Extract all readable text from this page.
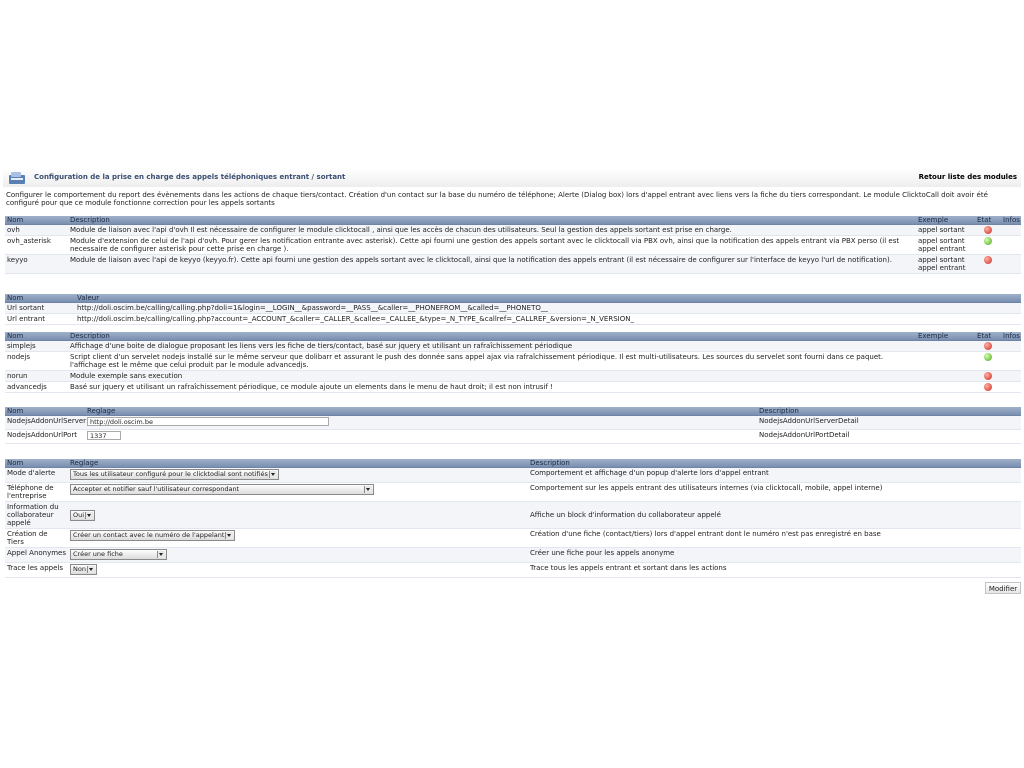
Configuration de la prise en charge des appels téléphoniques entrant / sortant	Retour liste des modules
Configurer le comportement du report des évènements dans les actions de chaque tiers/contact. Création d'un contact sur la base du numéro de téléphone; Alerte (Dialog box) lors d'appel entrant avec liens vers la fiche du tiers correspondant. Le module ClicktoCall doit avoir été configuré pour que ce module fonctionne correction pour les appels sortants
Nom	Description	Exemple	Etat	Infos
ovh	Module de liaison avec l'api d'ovh Il est nécessaire de configurer le module clicktocall , ainsi que les accès de chacun des utilisateurs. Seul la gestion des appels sortant est prise en charge.	appel sortant		
ovh_asterisk	Module d'extension de celui de l'api d'ovh. Pour gerer les notification entrante avec asterisk). Cette api fourni une gestion des appels sortant avec le clicktocall via PBX ovh, ainsi que la notification des appels entrant via PBX perso (il est necessaire de configurer asterisk pour cette prise en charge ).	appel sortant appel entrant		
keyyo	Module de liaison avec l'api de keyyo (keyyo.fr). Cette api fourni une gestion des appels sortant avec le clicktocall, ainsi que la notification des appels entrant (il est nécessaire de configurer sur l'interface de keyyo l'url de notification).	appel sortant appel entrant		
Nom	Valeur
Url sortant	http://doli.oscim.be/calling/calling.php?doli=1&login=__LOGIN__&password=__PASS__&caller=__PHONEFROM__&called=__PHONETO__
Url entrant	http://doli.oscim.be/calling/calling.php?account=_ACCOUNT_&caller=_CALLER_&callee=_CALLEE_&type=_N_TYPE_&callref=_CALLREF_&version=_N_VERSION_
Nom	Description	Exemple	Etat	Infos
simplejs	Affichage d'une boite de dialogue proposant les liens vers les fiche de tiers/contact, basé sur jquery et utilisant un rafraîchissement périodique			
nodejs	Script client d'un servelet nodejs installé sur le même serveur que dolibarr et assurant le push des donnée sans appel ajax via rafraîchissement périodique. Il est multi-utilisateurs. Les sources du servelet sont fourni dans ce paquet. l'affichage est le même que celui produit par le module advancedjs.			
norun	Module exemple sans execution			
advancedjs	Basé sur jquery et utilisant un rafraîchissement périodique, ce module ajoute un elements dans le menu de haut droit; il est non intrusif !			
Nom	Reglage	Description
NodejsAddonUrlServer	http://doli.oscim.be	NodejsAddonUrlServerDetail
NodejsAddonUrlPort	1337	NodejsAddonUrlPortDetail
Nom	Reglage	Description
Mode d'alerte	Tous les utilisateur configuré pour le clicktodial sont notifiés	Comportement et affichage d'un popup d'alerte lors d'appel entrant
Téléphone de l'entreprise	Accepter et notifier sauf l'utilisateur correspondant	Comportement sur les appels entrant des utilisateurs internes (via clicktocall, mobile, appel interne)
Information du collaborateur appelé	Oui	Affiche un block d'information du collaborateur appelé
Création de Tiers	Créer un contact avec le numéro de l'appelant	Création d'une fiche (contact/tiers) lors d'appel entrant dont le numéro n'est pas enregistré en base
Appel Anonymes	Créer une fiche	Créer une fiche pour les appels anonyme
Trace les appels	Non	Trace tous les appels entrant et sortant dans les actions
Modifier
